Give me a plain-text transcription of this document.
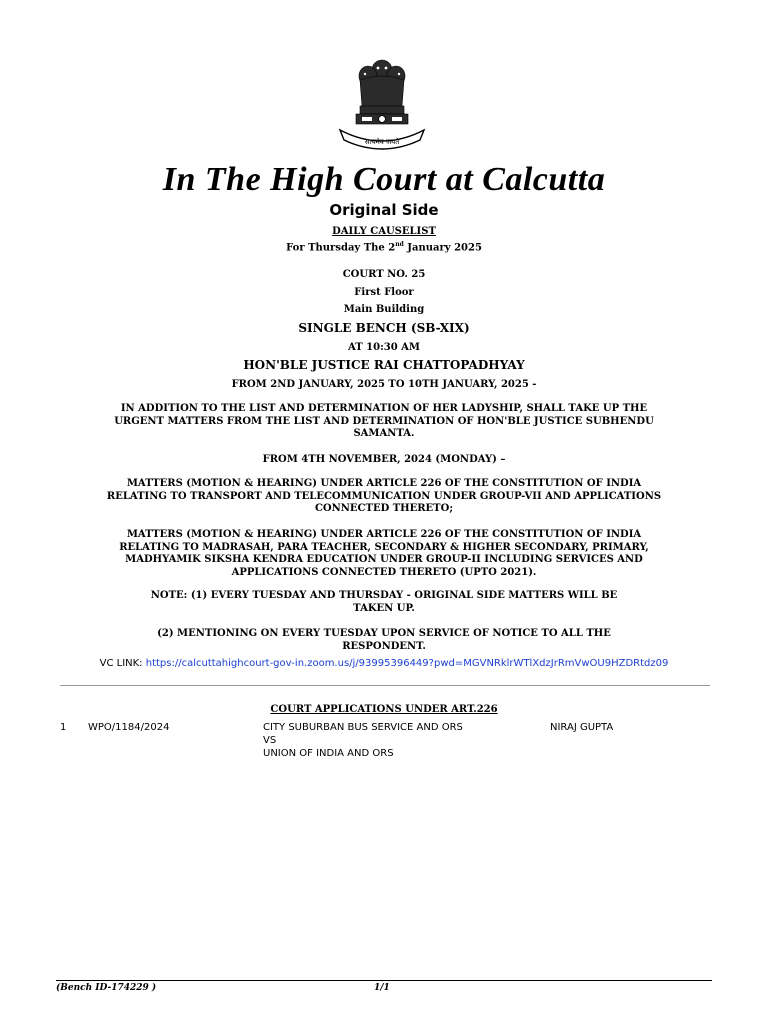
सत्यमेव जयते
In The High Court at Calcutta
Original Side
DAILY CAUSELIST
For Thursday The 2nd January 2025
COURT NO. 25
First Floor
Main Building
SINGLE BENCH (SB-XIX)
AT 10:30 AM
HON'BLE JUSTICE RAI CHATTOPADHYAY
FROM 2ND JANUARY, 2025 TO 10TH JANUARY, 2025 -
IN ADDITION TO THE LIST AND DETERMINATION OF HER LADYSHIP, SHALL TAKE UP THE URGENT MATTERS FROM THE LIST AND DETERMINATION OF HON'BLE JUSTICE SUBHENDU SAMANTA.
FROM 4TH NOVEMBER, 2024 (MONDAY) –
MATTERS (MOTION & HEARING) UNDER ARTICLE 226 OF THE CONSTITUTION OF INDIA RELATING TO TRANSPORT AND TELECOMMUNICATION UNDER GROUP-VII AND APPLICATIONS CONNECTED THERETO;
MATTERS (MOTION & HEARING) UNDER ARTICLE 226 OF THE CONSTITUTION OF INDIA RELATING TO MADRASAH, PARA TEACHER, SECONDARY & HIGHER SECONDARY, PRIMARY, MADHYAMIK SIKSHA KENDRA EDUCATION UNDER GROUP-II INCLUDING SERVICES AND APPLICATIONS CONNECTED THERETO (UPTO 2021).
NOTE: (1) EVERY TUESDAY AND THURSDAY - ORIGINAL SIDE MATTERS WILL BE TAKEN UP.
(2) MENTIONING ON EVERY TUESDAY UPON SERVICE OF NOTICE TO ALL THE RESPONDENT.
VC LINK: https://calcuttahighcourt-gov-in.zoom.us/j/93995396449?pwd=MGVNRklrWTlXdzJrRmVwOU9HZDRtdz09
COURT APPLICATIONS UNDER ART.226
1 WPO/1184/2024	CITY SUBURBAN BUS SERVICE AND ORS
VS
UNION OF INDIA AND ORS
NIRAJ GUPTA
(Bench ID-174229 )	1/1
